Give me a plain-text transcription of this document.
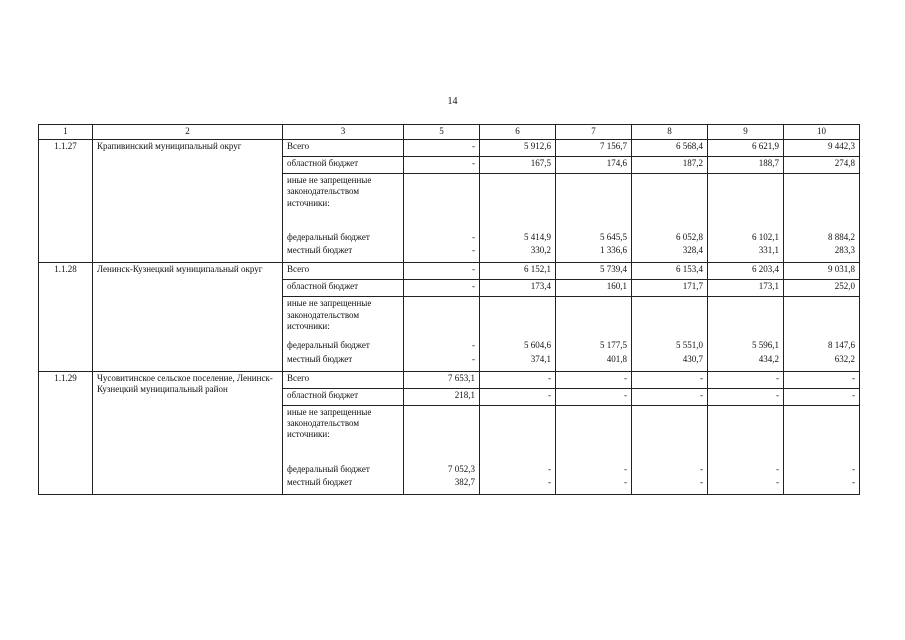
14
1	2	3	5	6	7	8	9	10
1.1.27	Крапивинский муниципальный округ	Всего	-	5 912,6	7 156,7	6 568,4	6 621,9	9 442,3
		областной бюджет	-	167,5	174,6	187,2	188,7	274,8
		иные не запрещенные законодательством источники:						
		федеральный бюджет	-	5 414,9	5 645,5	6 052,8	6 102,1	8 884,2
		местный бюджет	-	330,2	1 336,6	328,4	331,1	283,3
1.1.28	Ленинск-Кузнецкий муниципальный округ	Всего	-	6 152,1	5 739,4	6 153,4	6 203,4	9 031,8
		областной бюджет	-	173,4	160,1	171,7	173,1	252,0
		иные не запрещенные законодательством источники:						
		федеральный бюджет	-	5 604,6	5 177,5	5 551,0	5 596,1	8 147,6
		местный бюджет	-	374,1	401,8	430,7	434,2	632,2
1.1.29	Чусовитинское сельское поселение, Ленинск-Кузнецкий муниципальный район	Всего	7 653,1	-	-	-	-	-
		областной бюджет	218,1	-	-	-	-	-
		иные не запрещенные законодательством источники:						
		федеральный бюджет	7 052,3	-	-	-	-	-
		местный бюджет	382,7	-	-	-	-	-
